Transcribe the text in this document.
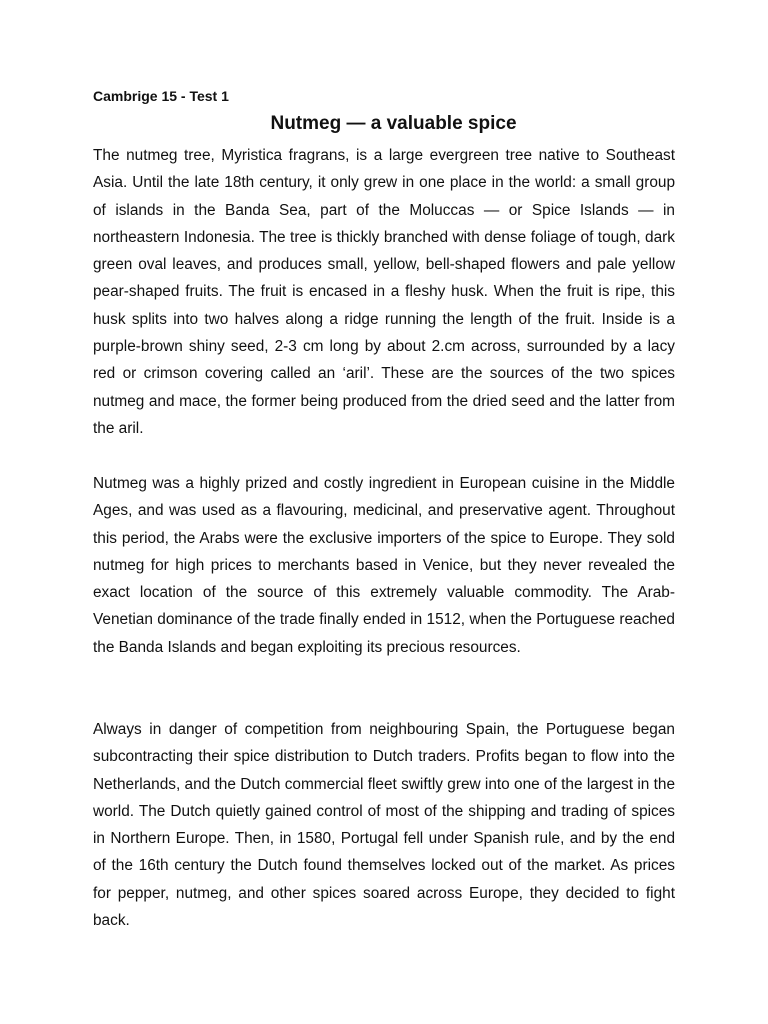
Cambrige 15 - Test 1
Nutmeg — a valuable spice

The nutmeg tree, Myristica fragrans, is a large evergreen tree native to Southeast Asia. Until the late 18th century, it only grew in one place in the world: a small group of islands in the Banda Sea, part of the Moluccas — or Spice Islands — in northeastern Indonesia. The tree is thickly branched with dense foliage of tough, dark green oval leaves, and produces small, yellow, bell-shaped flowers and pale yellow pear-shaped fruits. The fruit is encased in a fleshy husk. When the fruit is ripe, this husk splits into two halves along a ridge running the length of the fruit. Inside is a purple-brown shiny seed, 2-3 cm long by about 2.cm across, surrounded by a lacy red or crimson covering called an ‘aril’. These are the sources of the two spices nutmeg and mace, the former being produced from the dried seed and the latter from the aril.

Nutmeg was a highly prized and costly ingredient in European cuisine in the Middle Ages, and was used as a flavouring, medicinal, and preservative agent. Throughout this period, the Arabs were the exclusive importers of the spice to Europe. They sold nutmeg for high prices to merchants based in Venice, but they never revealed the exact location of the source of this extremely valuable commodity. The Arab- Venetian dominance of the trade finally ended in 1512, when the Portuguese reached the Banda Islands and began exploiting its precious resources.

Always in danger of competition from neighbouring Spain, the Portuguese began subcontracting their spice distribution to Dutch traders. Profits began to flow into the Netherlands, and the Dutch commercial fleet swiftly grew into one of the largest in the world. The Dutch quietly gained control of most of the shipping and trading of spices in Northern Europe. Then, in 1580, Portugal fell under Spanish rule, and by the end of the 16th century the Dutch found themselves locked out of the market. As prices for pepper, nutmeg, and other spices soared across Europe, they decided to fight back.
